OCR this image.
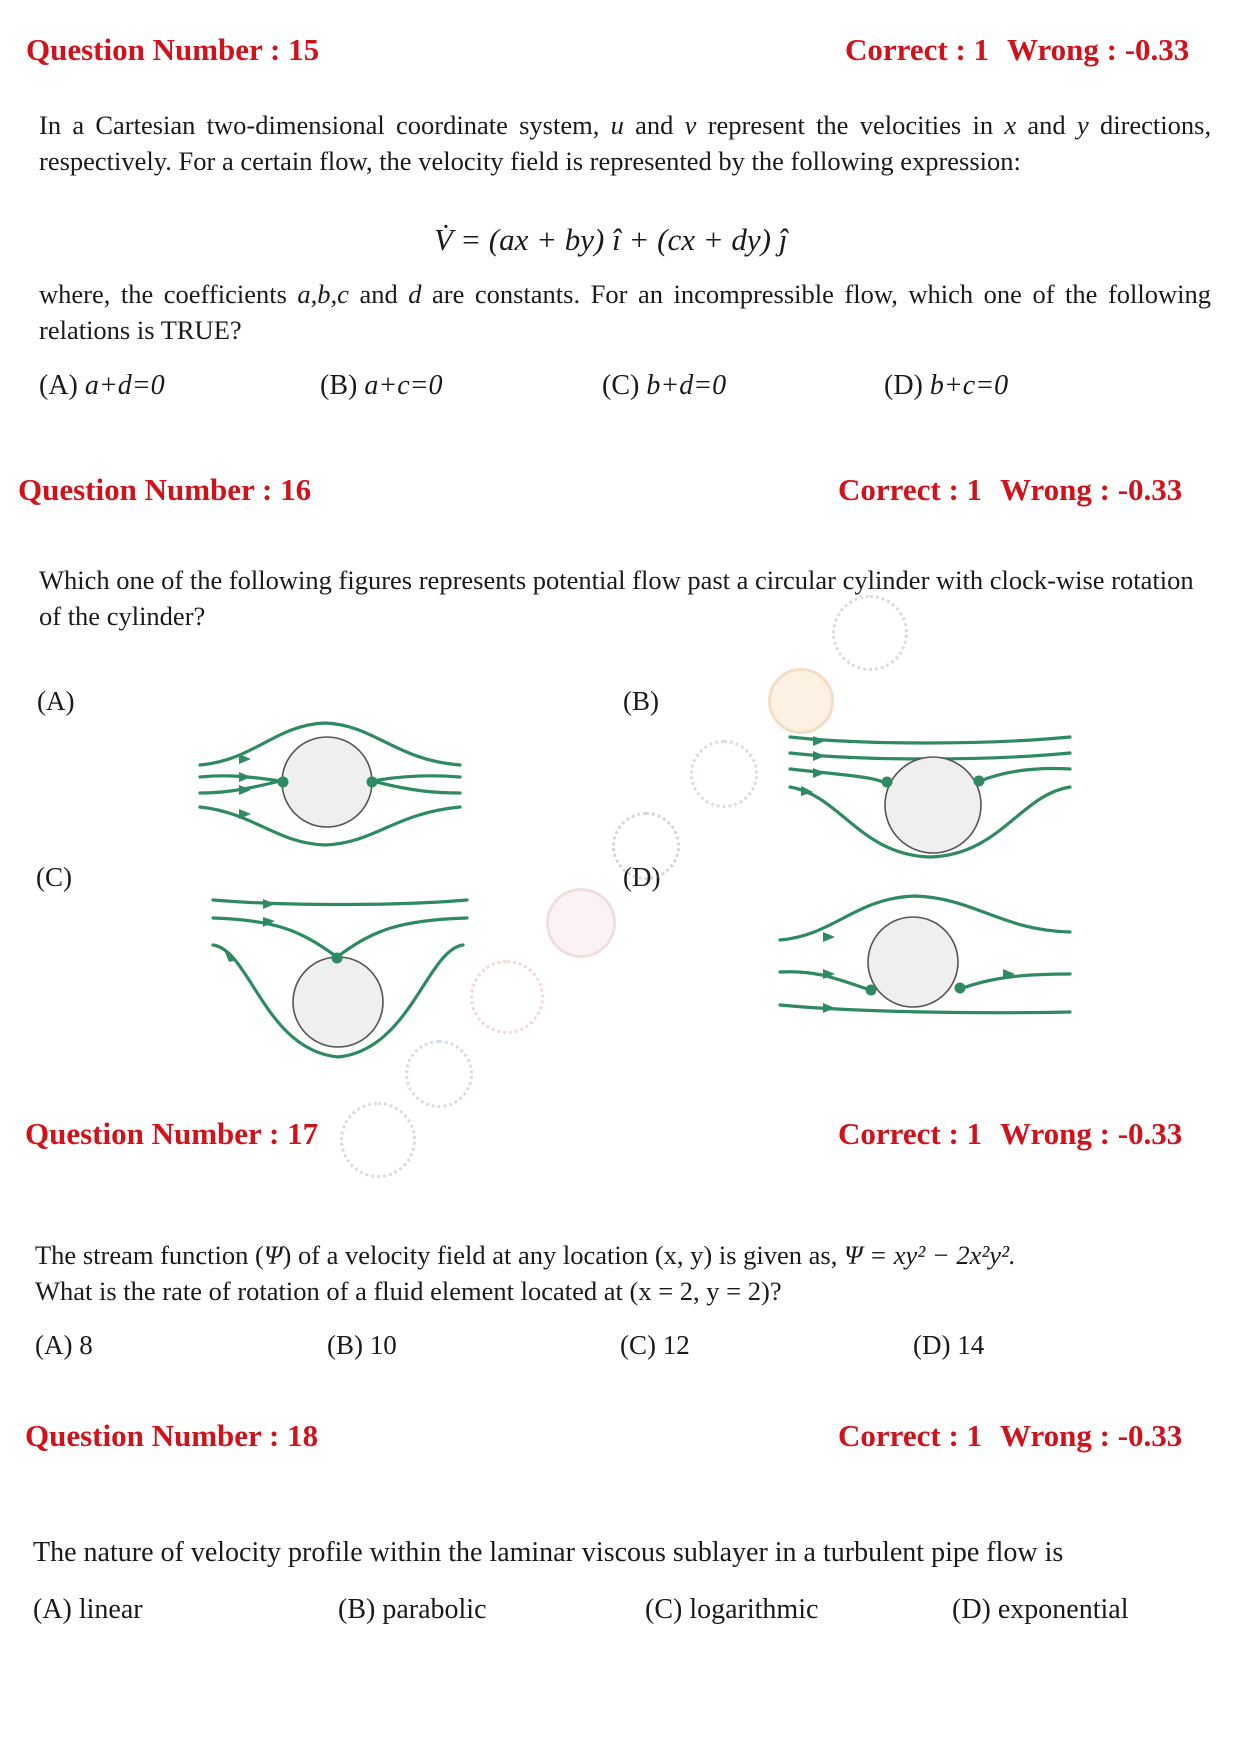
Question Number : 15	Correct : 1 Wrong : -0.33
In a Cartesian two-dimensional coordinate system, u and v represent the velocities in x and y directions, respectively. For a certain flow, the velocity field is represented by the following expression:
V̇ = (ax + by) î + (cx + dy) ĵ
where, the coefficients a,b,c and d are constants. For an incompressible flow, which one of the following relations is TRUE?
(A) a+d=0	(B) a+c=0	(C) b+d=0	(D) b+c=0
Question Number : 16	Correct : 1 Wrong : -0.33
Which one of the following figures represents potential flow past a circular cylinder with clock-wise rotation of the cylinder?
(A)	(B)
(C)	(D)
Question Number : 17	Correct : 1 Wrong : -0.33
The stream function (Ψ) of a velocity field at any location (x, y) is given as, Ψ = xy² − 2x²y².
What is the rate of rotation of a fluid element located at (x = 2, y = 2)?
(A) 8	(B) 10	(C) 12	(D) 14
Question Number : 18	Correct : 1 Wrong : -0.33
The nature of velocity profile within the laminar viscous sublayer in a turbulent pipe flow is
(A) linear	(B) parabolic	(C) logarithmic	(D) exponential
